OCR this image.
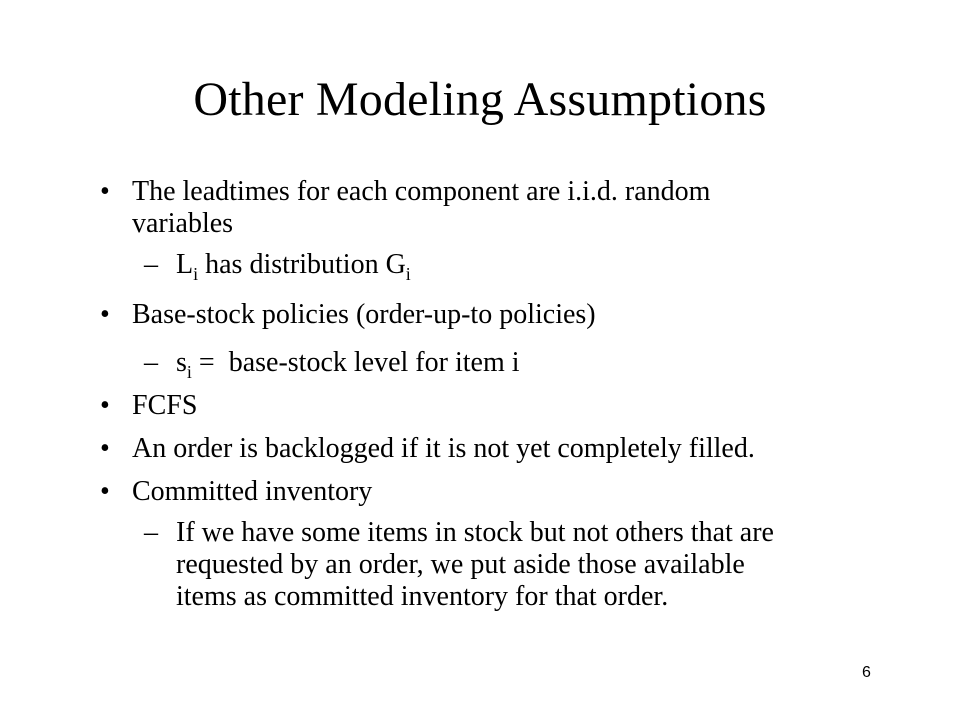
Other Modeling Assumptions
• The leadtimes for each component are i.i.d. random
variables
– $L_i$ has distribution $G_i$
• Base-stock policies (order-up-to policies)
– $s_i$ =  base-stock level for item i
• FCFS
• An order is backlogged if it is not yet completely filled.
• Committed inventory
– If we have some items in stock but not others that are
requested by an order, we put aside those available
items as committed inventory for that order.
6
